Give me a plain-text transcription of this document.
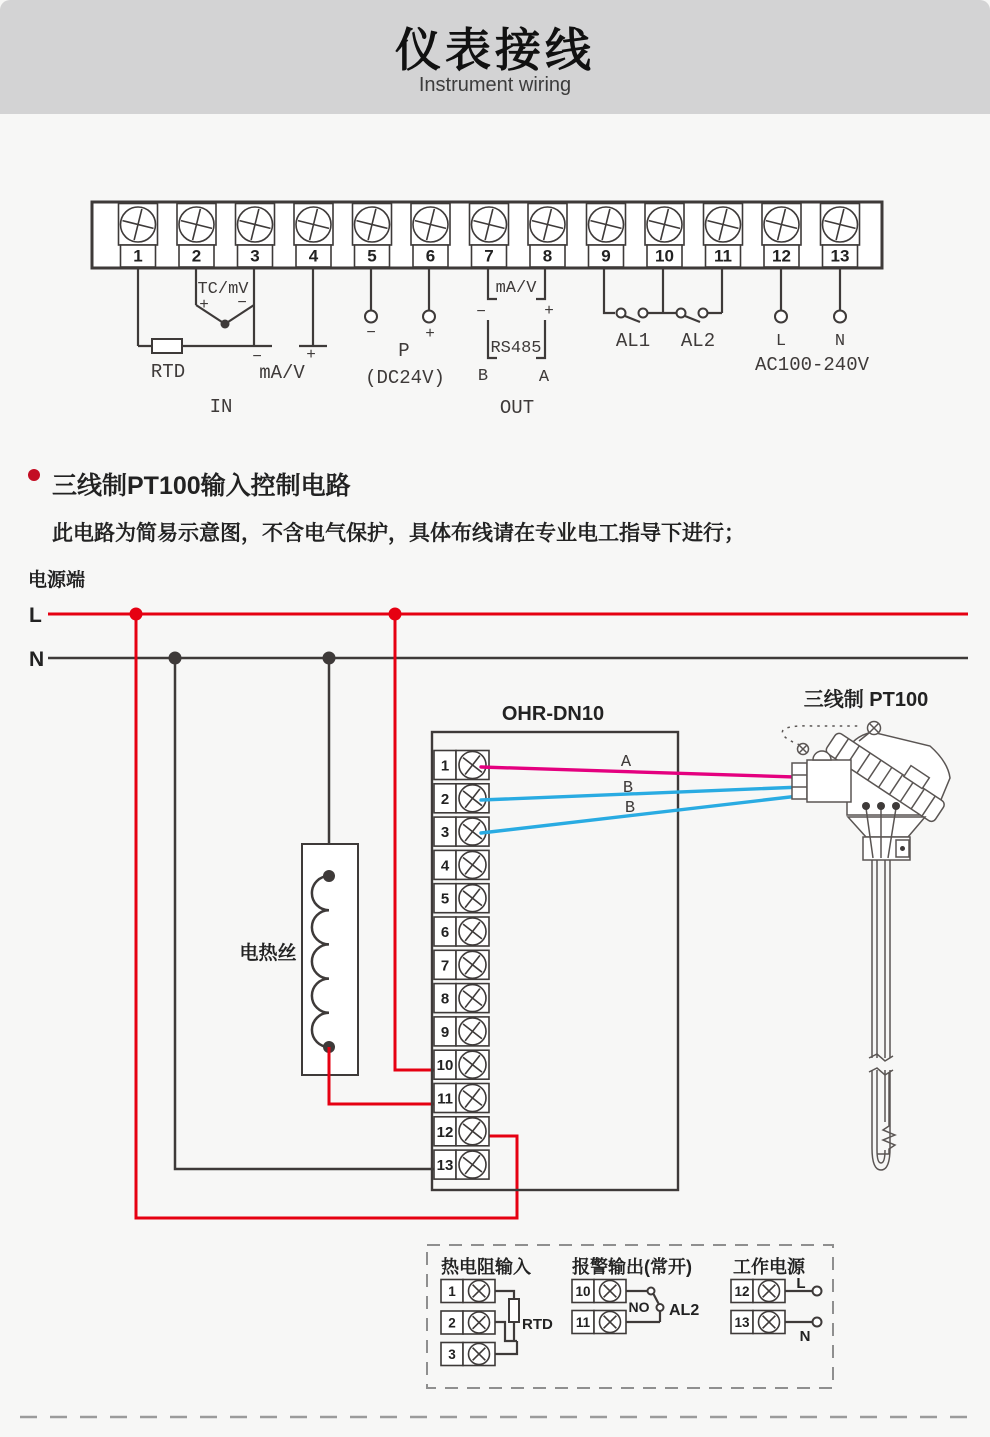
仪表接线
Instrument wiring
1	2	3	4	5	6	7	8	9	10 11 12 13
TC/mV
+ −
RTD
−
mA/V
+
IN
−	+
P
(DC24V)
mA/V
−	+
RS485
B	A
OUT
AL1 AL2	L	N
AC100-240V
三线制PT100输入控制电路
此电路为简易示意图，不含电气保护，具体布线请在专业电工指导下进行；
电源端
L
N
电热丝
OHR-DN10
1
2
3
4
5
6
7
8
9
10
11
12
13
A
B
B
三线制 PT100
热电阻输入
1
2
3
RTD
报警输出(常开)
10
11
NO AL2
工作电源
12
13
L
N
